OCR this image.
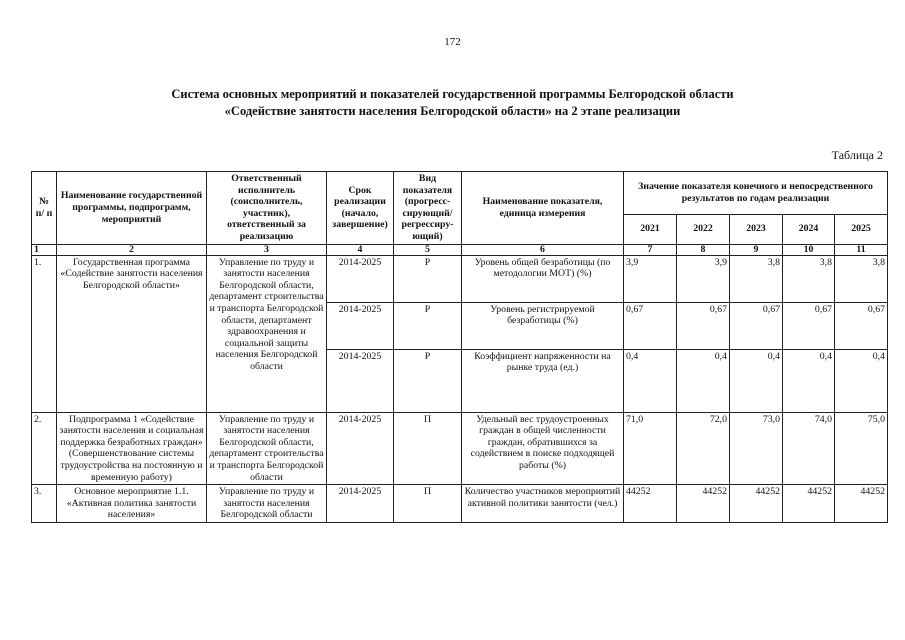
172
Система основных мероприятий и показателей государственной программы Белгородской области
«Содействие занятости населения Белгородской области» на 2 этапе реализации
Таблица 2
№ п/ п	Наименование государственной программы, подпрограмм, мероприятий	Ответственный исполнитель (соисполнитель, участник), ответственный за реализацию	Срок реализации (начало, завершение)	Вид показателя (прогресс- сирующий/ регрессиру- ющий)	Наименование показателя, единица измерения	Значение показателя конечного и непосредственного результатов по годам реализации				
						2021	2022	2023	2024	2025
1	2	3	4	5	6	7	8	9	10	11
1.	Государственная программа «Содействие занятости населения Белгородской области»	Управление по труду и занятости населения Белгородской области, департамент строительства и транспорта Белгородской области, департамент здравоохранения и социальной защиты населения Белгородской области	2014-2025	Р	Уровень общей безработицы (по методологии МОТ) (%)	3,9	3,9	3,8	3,8	3,8
			2014-2025	Р	Уровень регистрируемой безработицы (%)	0,67	0,67	0,67	0,67	0,67
			2014-2025	Р	Коэффициент напряженности на рынке труда (ед.)	0,4	0,4	0,4	0,4	0,4
2.	Подпрограмма 1 «Содействие занятости населения и социальная поддержка безработных граждан» (Совершенствование системы трудоустройства на постоянную и временную работу)	Управление по труду и занятости населения Белгородской области, департамент строительства и транспорта Белгородской области	2014-2025	П	Удельный вес трудоустроенных граждан в общей численности граждан, обратившихся за содействием в поиске подходящей работы (%)	71,0	72,0	73,0	74,0	75,0
3.	Основное мероприятие 1.1. «Активная политика занятости населения»	Управление по труду и занятости населения Белгородской области	2014-2025	П	Количество участников мероприятий активной политики занятости (чел.)	44252	44252	44252	44252	44252
